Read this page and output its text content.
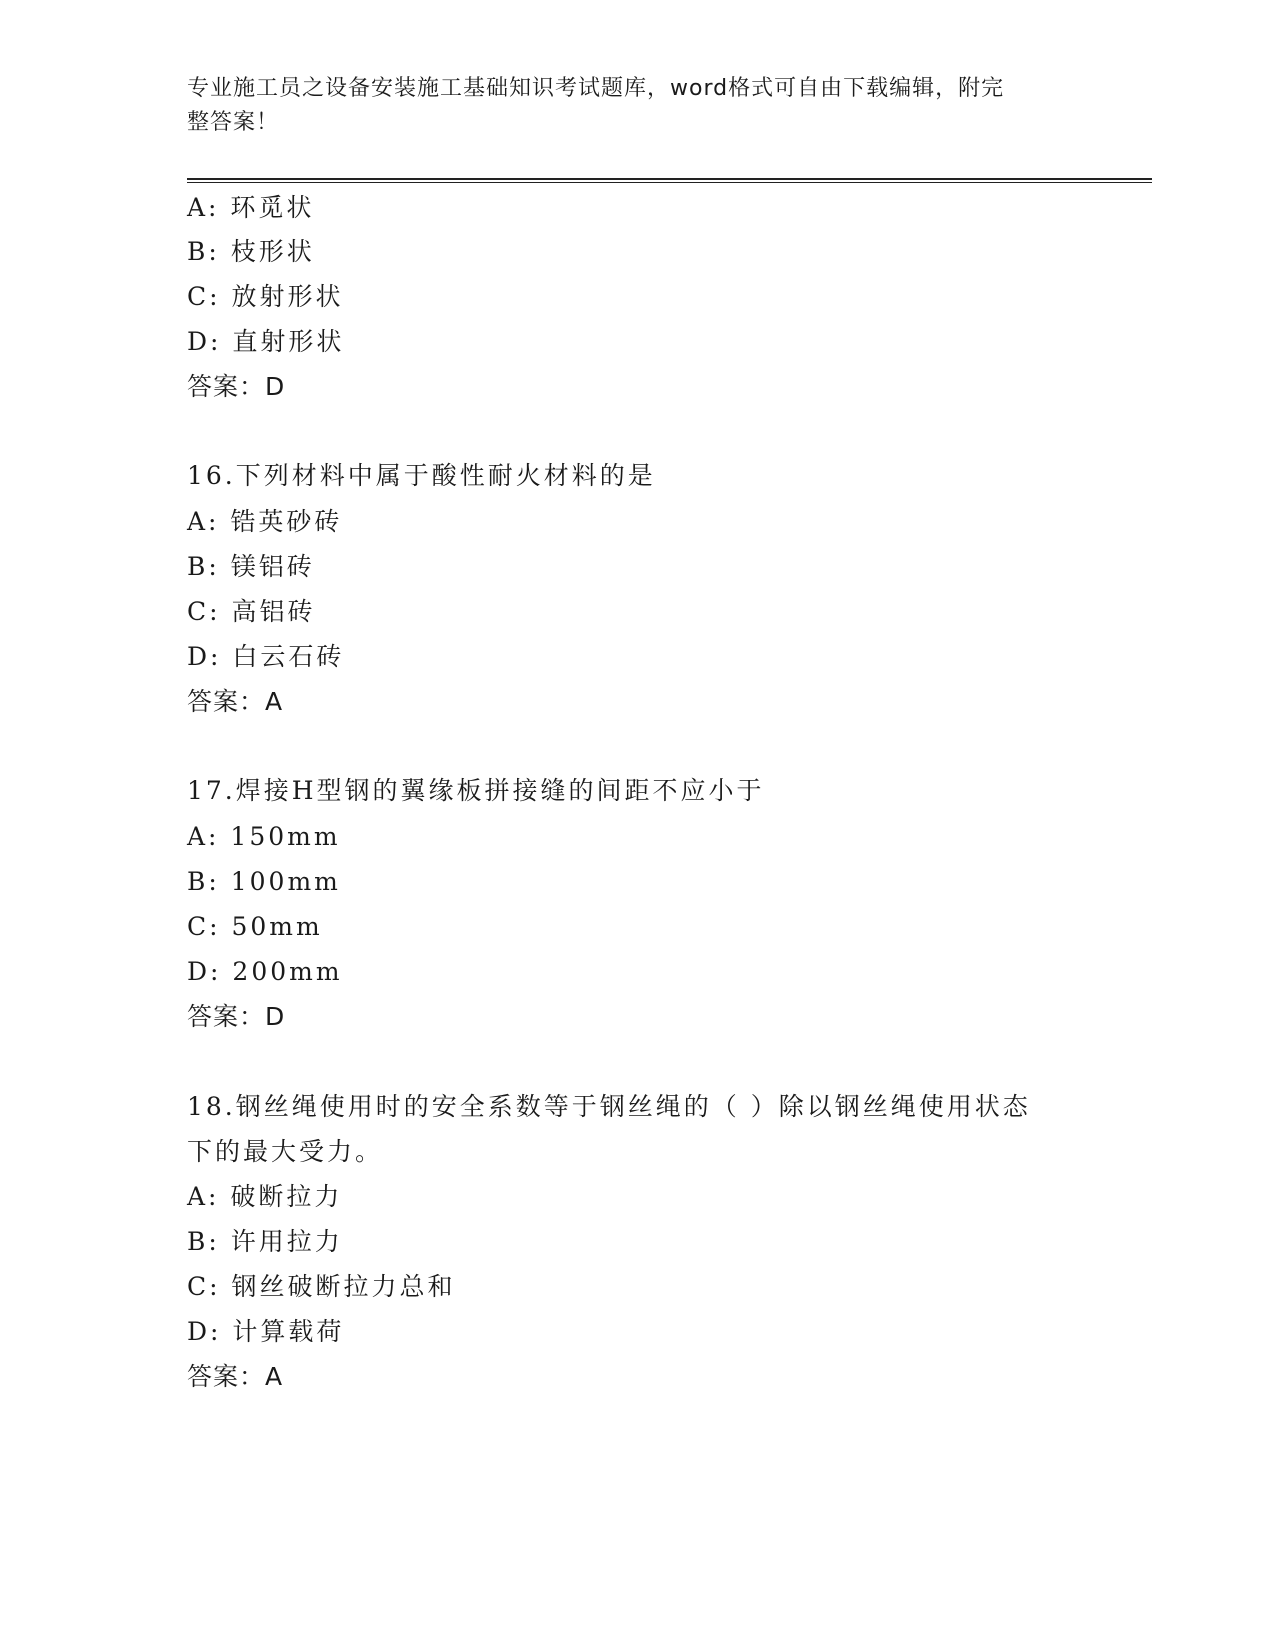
专业施工员之设备安装施工基础知识考试题库，word格式可自由下载编辑，附完
整答案！
A: 环觅状
B: 枝形状
C: 放射形状
D: 直射形状
答案：D
16.下列材料中属于酸性耐火材料的是
A: 锆英砂砖
B: 镁铝砖
C: 高铝砖
D: 白云石砖
答案：A
17.焊接H型钢的翼缘板拼接缝的间距不应小于
A: 150mm
B: 100mm
C: 50mm
D: 200mm
答案：D
18.钢丝绳使用时的安全系数等于钢丝绳的（ ）除以钢丝绳使用状态
下的最大受力。
A: 破断拉力
B: 许用拉力
C: 钢丝破断拉力总和
D: 计算载荷
答案：A
